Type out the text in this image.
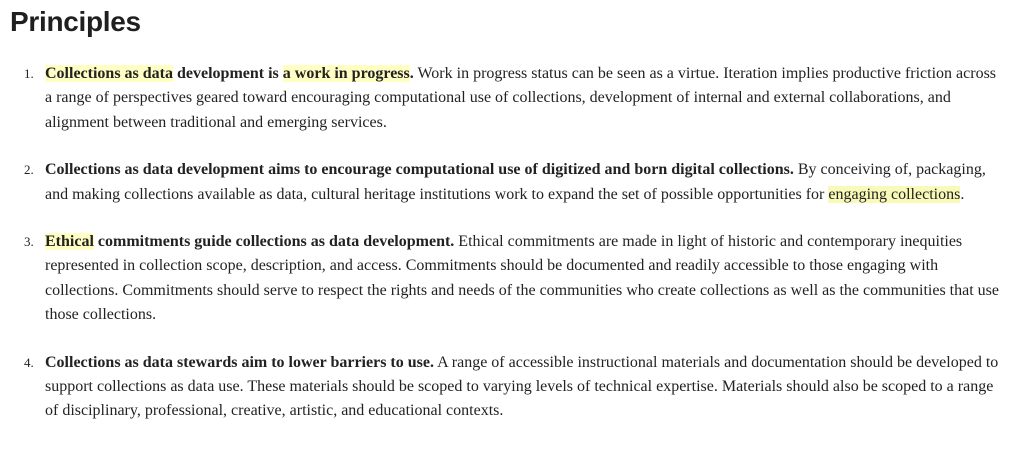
Principles
1. Collections as data development is a work in progress. Work in progress status can be seen as a virtue. Iteration implies productive friction across a range of perspectives geared toward encouraging computational use of collections, development of internal and external collaborations, and alignment between traditional and emerging services.
2. Collections as data development aims to encourage computational use of digitized and born digital collections. By conceiving of, packaging, and making collections available as data, cultural heritage institutions work to expand the set of possible opportunities for engaging collections.
3. Ethical commitments guide collections as data development. Ethical commitments are made in light of historic and contemporary inequities represented in collection scope, description, and access. Commitments should be documented and readily accessible to those engaging with collections. Commitments should serve to respect the rights and needs of the communities who create collections as well as the communities that use those collections.
4. Collections as data stewards aim to lower barriers to use. A range of accessible instructional materials and documentation should be developed to support collections as data use. These materials should be scoped to varying levels of technical expertise. Materials should also be scoped to a range of disciplinary, professional, creative, artistic, and educational contexts.
